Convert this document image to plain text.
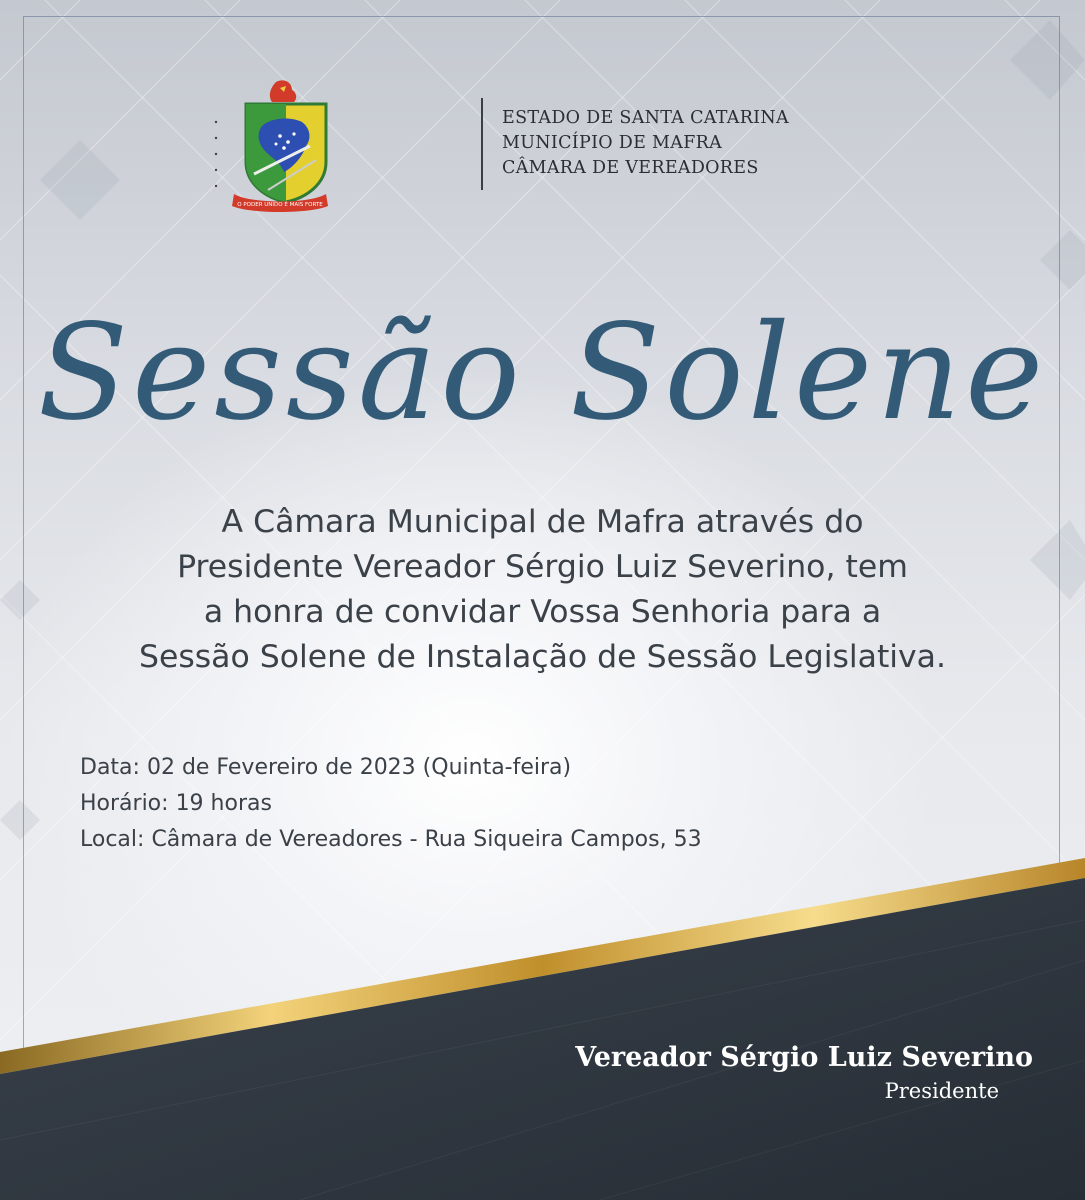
O PODER UNIDO É MAIS FORTE
ESTADO DE SANTA CATARINA
MUNICÍPIO DE MAFRA
CÂMARA DE VEREADORES
Sessão Solene
A Câmara Municipal de Mafra através do
Presidente Vereador Sérgio Luiz Severino, tem
a honra de convidar Vossa Senhoria para a
Sessão Solene de Instalação de Sessão Legislativa.
Data: 02 de Fevereiro de 2023 (Quinta-feira)
Horário: 19 horas
Local: Câmara de Vereadores - Rua Siqueira Campos, 53
Vereador Sérgio Luiz Severino
Presidente
